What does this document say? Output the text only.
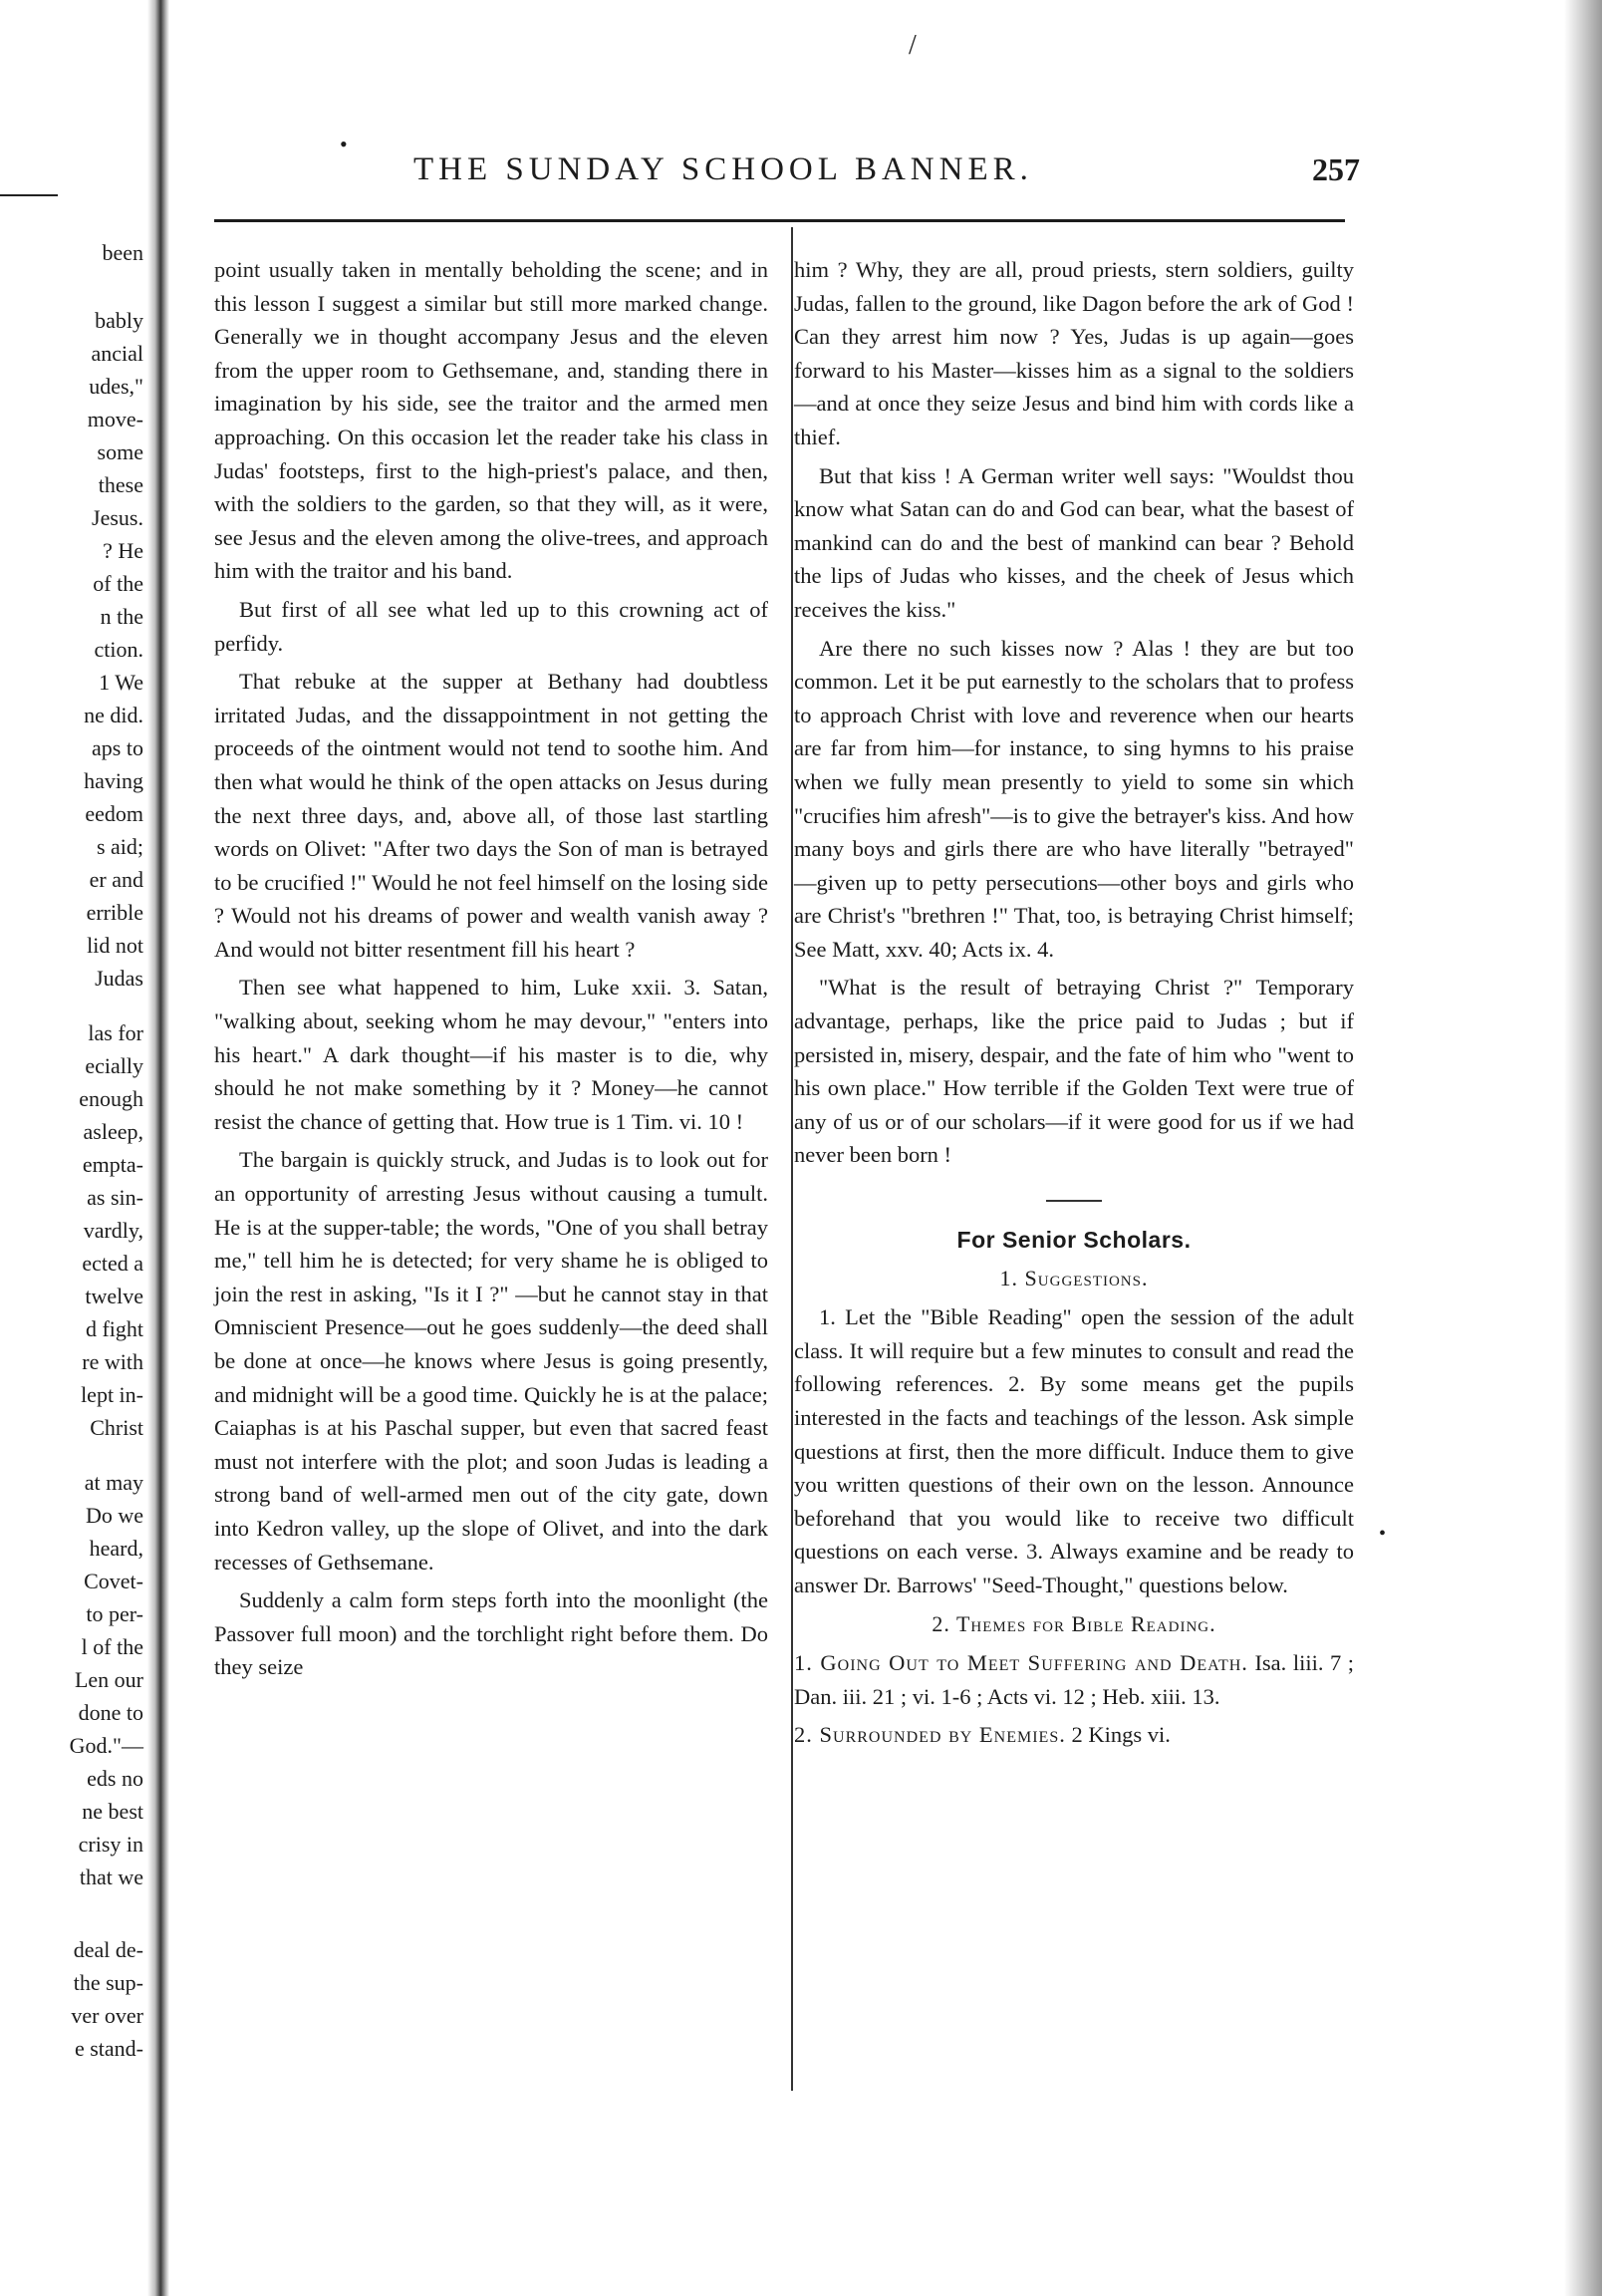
been
bably
ancial
udes,"
move-
some
these
Jesus.
? He
of the
n the
ction.
1 We
ne did.
aps to
having
eedom
s aid;
er and
errible
lid not
Judas
las for
ecially
enough
asleep,
empta-
as sin-
vardly,
ected a
twelve
d fight
re with
lept in-
Christ
at may
Do we
heard,
Covet-
to per-
l of the
Len our
done to
God."—
eds no
ne best
crisy in
that we
deal de-
the sup-
ver over
e stand-
/
•
•
THE SUNDAY SCHOOL BANNER.	257

point usually taken in mentally beholding the scene; and in this lesson I suggest a similar but still more marked change. Generally we in thought accompany Jesus and the eleven from the upper room to Gethsemane, and, standing there in imagination by his side, see the traitor and the armed men approaching. On this occasion let the reader take his class in Judas' footsteps, first to the high-priest's palace, and then, with the soldiers to the garden, so that they will, as it were, see Jesus and the eleven among the olive-trees, and approach him with the traitor and his band.

But first of all see what led up to this crowning act of perfidy.

That rebuke at the supper at Bethany had doubtless irritated Judas, and the dissappointment in not getting the proceeds of the ointment would not tend to soothe him. And then what would he think of the open attacks on Jesus during the next three days, and, above all, of those last startling words on Olivet: "After two days the Son of man is betrayed to be crucified !" Would he not feel himself on the losing side ? Would not his dreams of power and wealth vanish away ? And would not bitter resentment fill his heart ?

Then see what happened to him, Luke xxii. 3. Satan, "walking about, seeking whom he may devour," "enters into his heart." A dark thought—if his master is to die, why should he not make something by it ? Money—he cannot resist the chance of getting that. How true is 1 Tim. vi. 10 !

The bargain is quickly struck, and Judas is to look out for an opportunity of arresting Jesus without causing a tumult. He is at the supper-table; the words, "One of you shall betray me," tell him he is detected; for very shame he is obliged to join the rest in asking, "Is it I ?" —but he cannot stay in that Omniscient Presence—out he goes suddenly—the deed shall be done at once—he knows where Jesus is going presently, and midnight will be a good time. Quickly he is at the palace; Caiaphas is at his Paschal supper, but even that sacred feast must not interfere with the plot; and soon Judas is leading a strong band of well-armed men out of the city gate, down into Kedron valley, up the slope of Olivet, and into the dark recesses of Gethsemane.

Suddenly a calm form steps forth into the moonlight (the Passover full moon) and the torchlight right before them. Do they seize

him ? Why, they are all, proud priests, stern soldiers, guilty Judas, fallen to the ground, like Dagon before the ark of God ! Can they arrest him now ? Yes, Judas is up again—goes forward to his Master—kisses him as a signal to the soldiers—and at once they seize Jesus and bind him with cords like a thief.

But that kiss ! A German writer well says: "Wouldst thou know what Satan can do and God can bear, what the basest of mankind can do and the best of mankind can bear ? Behold the lips of Judas who kisses, and the cheek of Jesus which receives the kiss."

Are there no such kisses now ? Alas ! they are but too common. Let it be put earnestly to the scholars that to profess to approach Christ with love and reverence when our hearts are far from him—for instance, to sing hymns to his praise when we fully mean presently to yield to some sin which "crucifies him afresh"—is to give the betrayer's kiss. And how many boys and girls there are who have literally "betrayed" —given up to petty persecutions—other boys and girls who are Christ's "brethren !" That, too, is betraying Christ himself; See Matt, xxv. 40; Acts ix. 4.

"What is the result of betraying Christ ?" Temporary advantage, perhaps, like the price paid to Judas ; but if persisted in, misery, despair, and the fate of him who "went to his own place." How terrible if the Golden Text were true of any of us or of our scholars—if it were good for us if we had never been born !

For Senior Scholars.
1. Suggestions.

1. Let the "Bible Reading" open the session of the adult class. It will require but a few minutes to consult and read the following references. 2. By some means get the pupils interested in the facts and teachings of the lesson. Ask simple questions at first, then the more difficult. Induce them to give you written questions of their own on the lesson. Announce beforehand that you would like to receive two difficult questions on each verse. 3. Always examine and be ready to answer Dr. Barrows' "Seed-Thought," questions below.

2. Themes for Bible Reading.

1. Going Out to Meet Suffering and Death. Isa. liii. 7 ; Dan. iii. 21 ; vi. 1-6 ; Acts vi. 12 ; Heb. xiii. 13.

2. Surrounded by Enemies. 2 Kings vi.
